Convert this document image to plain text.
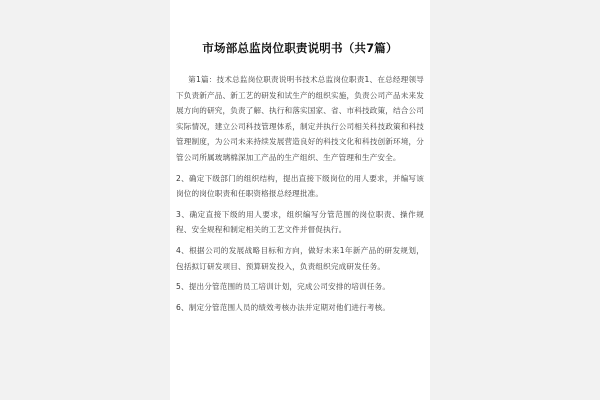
市场部总监岗位职责说明书（共7篇）

第1篇：技术总监岗位职责说明书技术总监岗位职责1、在总经理领导下负责新产品、新工艺的研发和试生产的组织实施，负责公司产品未来发展方向的研究，负责了解、执行和落实国家、省、市科技政策，结合公司实际情况，建立公司科技管理体系，制定并执行公司相关科技政策和科技管理制度，为公司未来持续发展营造良好的科技文化和科技创新环境，分管公司所属玻璃棉深加工产品的生产组织、生产管理和生产安全。

2、确定下级部门的组织结构，提出直接下级岗位的用人要求，并编写该岗位的岗位职责和任职资格报总经理批准。

3、确定直接下级的用人要求，组织编写分管范围的岗位职责、操作规程、安全规程和制定相关的工艺文件并督促执行。

4、根据公司的发展战略目标和方向，做好未来1年新产品的研发规划，包括拟订研发项目、预算研发投入，负责组织完成研发任务。

5、提出分管范围的员工培训计划，完成公司安排的培训任务。

6、制定分管范围人员的绩效考核办法并定期对他们进行考核。
